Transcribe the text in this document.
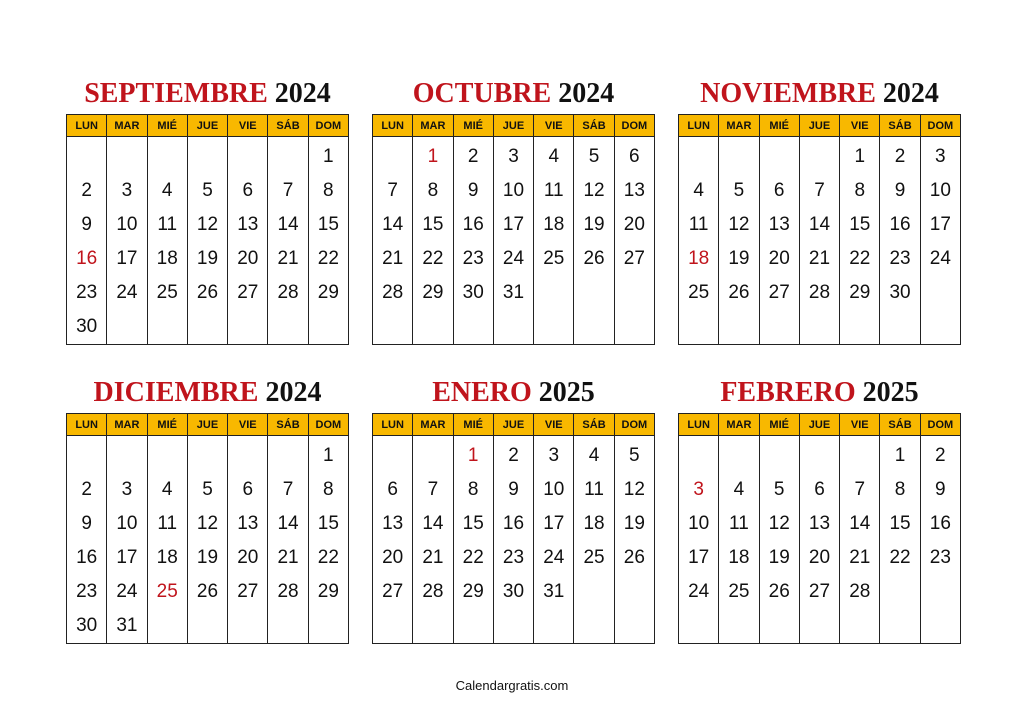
SEPTIEMBRE 2024
LUN	MAR	MIÉ	JUE	VIE	SÁB	DOM
						1
2	3	4	5	6	7	8
9	10	11	12	13	14	15
16	17	18	19	20	21	22
23	24	25	26	27	28	29
30						
OCTUBRE 2024
LUN	MAR	MIÉ	JUE	VIE	SÁB	DOM
	1	2	3	4	5	6
7	8	9	10	11	12	13
14	15	16	17	18	19	20
21	22	23	24	25	26	27
28	29	30	31			

NOVIEMBRE 2024
LUN	MAR	MIÉ	JUE	VIE	SÁB	DOM
				1	2	3
4	5	6	7	8	9	10
11	12	13	14	15	16	17
18	19	20	21	22	23	24
25	26	27	28	29	30	

DICIEMBRE 2024
LUN	MAR	MIÉ	JUE	VIE	SÁB	DOM
						1
2	3	4	5	6	7	8
9	10	11	12	13	14	15
16	17	18	19	20	21	22
23	24	25	26	27	28	29
30	31					
ENERO 2025
LUN	MAR	MIÉ	JUE	VIE	SÁB	DOM
		1	2	3	4	5
6	7	8	9	10	11	12
13	14	15	16	17	18	19
20	21	22	23	24	25	26
27	28	29	30	31		

FEBRERO 2025
LUN	MAR	MIÉ	JUE	VIE	SÁB	DOM
					1	2
3	4	5	6	7	8	9
10	11	12	13	14	15	16
17	18	19	20	21	22	23
24	25	26	27	28		

Calendargratis.com
